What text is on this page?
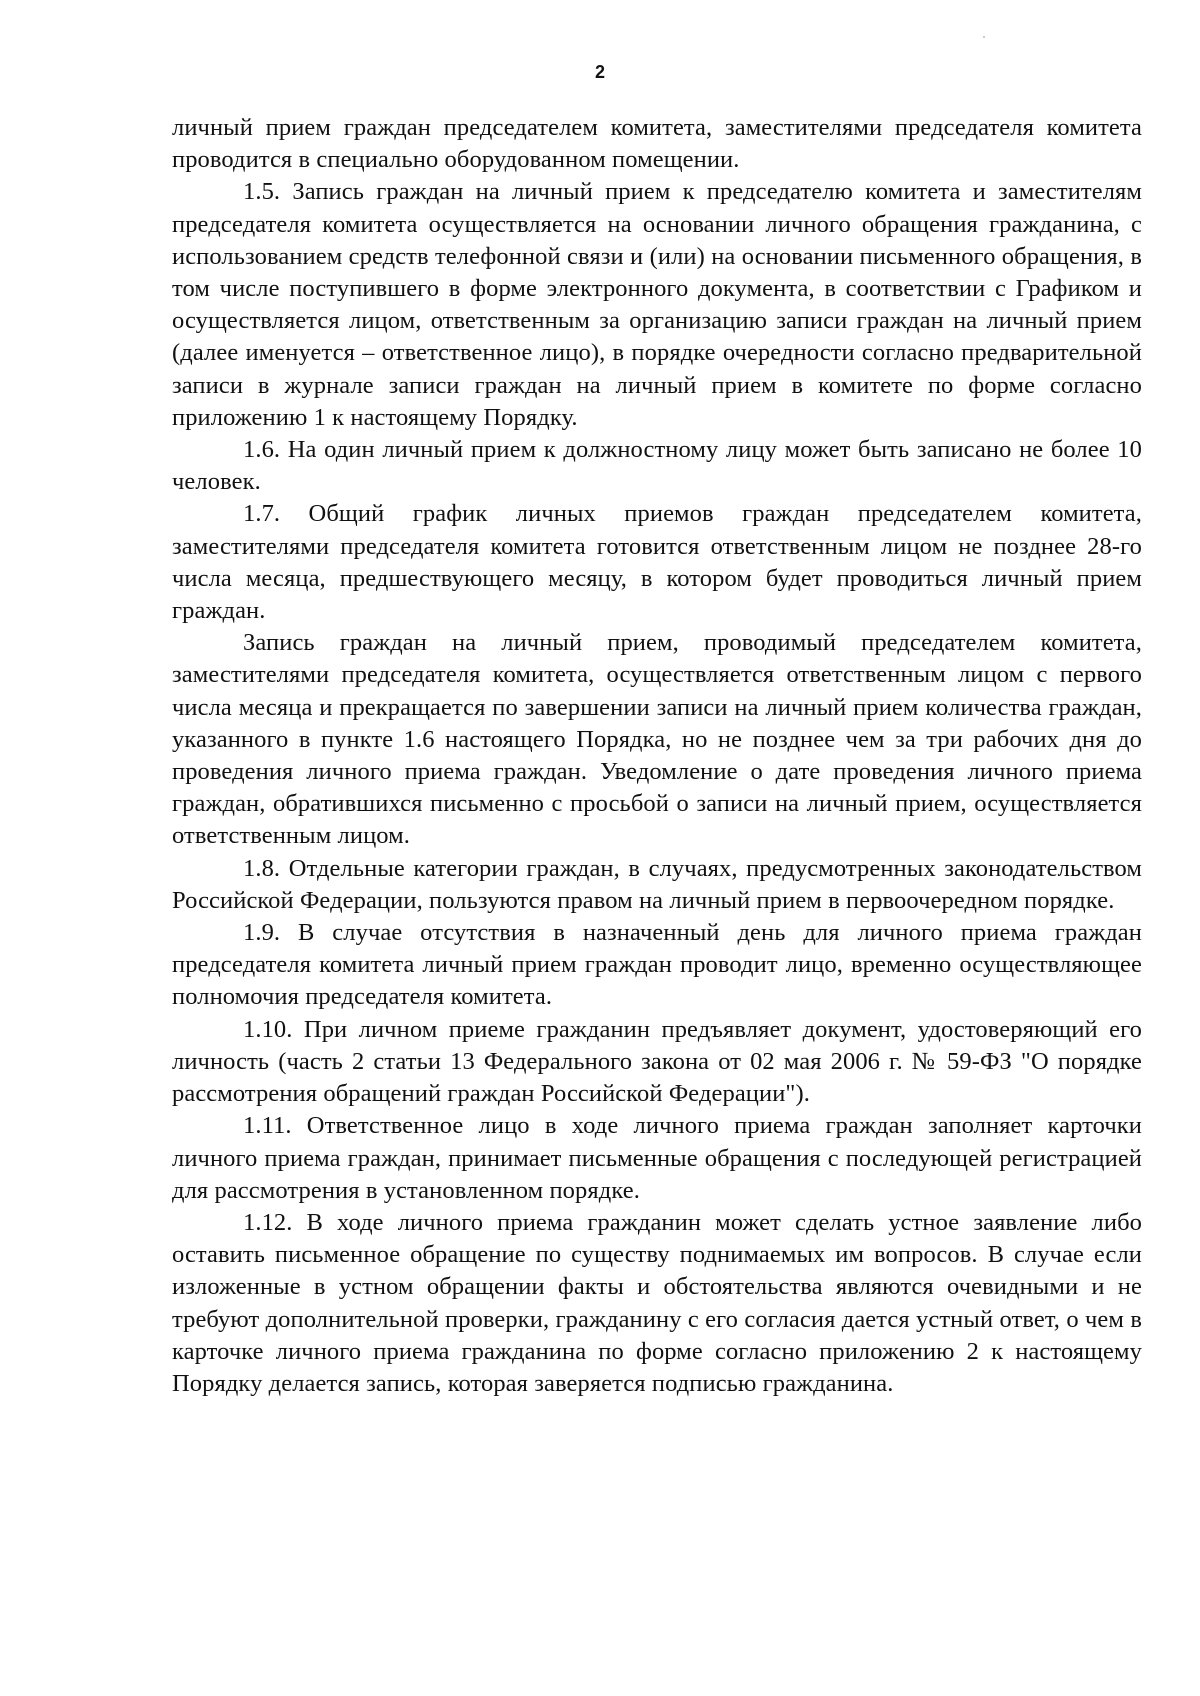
2

личный прием граждан председателем комитета, заместителями председателя комитета проводится в специально оборудованном помещении.

1.5. Запись граждан на личный прием к председателю комитета и заместителям председателя комитета осуществляется на основании личного обращения гражданина, с использованием средств телефонной связи и (или) на основании письменного обращения, в том числе поступившего в форме электронного документа, в соответствии с Графиком и осуществляется лицом, ответственным за организацию записи граждан на личный прием (далее именуется – ответственное лицо), в порядке очередности согласно предварительной записи в журнале записи граждан на личный прием в комитете по форме согласно приложению 1 к настоящему Порядку.

1.6. На один личный прием к должностному лицу может быть записано не более 10 человек.

1.7. Общий график личных приемов граждан председателем комитета, заместителями председателя комитета готовится ответственным лицом не позднее 28-го числа месяца, предшествующего месяцу, в котором будет проводиться личный прием граждан.

Запись граждан на личный прием, проводимый председателем комитета, заместителями председателя комитета, осуществляется ответственным лицом с первого числа месяца и прекращается по завершении записи на личный прием количества граждан, указанного в пункте 1.6 настоящего Порядка, но не позднее чем за три рабочих дня до проведения личного приема граждан. Уведомление о дате проведения личного приема граждан, обратившихся письменно с просьбой о записи на личный прием, осуществляется ответственным лицом.

1.8. Отдельные категории граждан, в случаях, предусмотренных законодательством Российской Федерации, пользуются правом на личный прием в первоочередном порядке.

1.9. В случае отсутствия в назначенный день для личного приема граждан председателя комитета личный прием граждан проводит лицо, временно осуществляющее полномочия председателя комитета.

1.10. При личном приеме гражданин предъявляет документ, удостоверяющий его личность (часть 2 статьи 13 Федерального закона от 02 мая 2006 г. № 59-ФЗ "О порядке рассмотрения обращений граждан Российской Федерации").

1.11. Ответственное лицо в ходе личного приема граждан заполняет карточки личного приема граждан, принимает письменные обращения с последующей регистрацией для рассмотрения в установленном порядке.

1.12. В ходе личного приема гражданин может сделать устное заявление либо оставить письменное обращение по существу поднимаемых им вопросов. В случае если изложенные в устном обращении факты и обстоятельства являются очевидными и не требуют дополнительной проверки, гражданину с его согласия дается устный ответ, о чем в карточке личного приема гражданина по форме согласно приложению 2 к настоящему Порядку делается запись, которая заверяется подписью гражданина.
